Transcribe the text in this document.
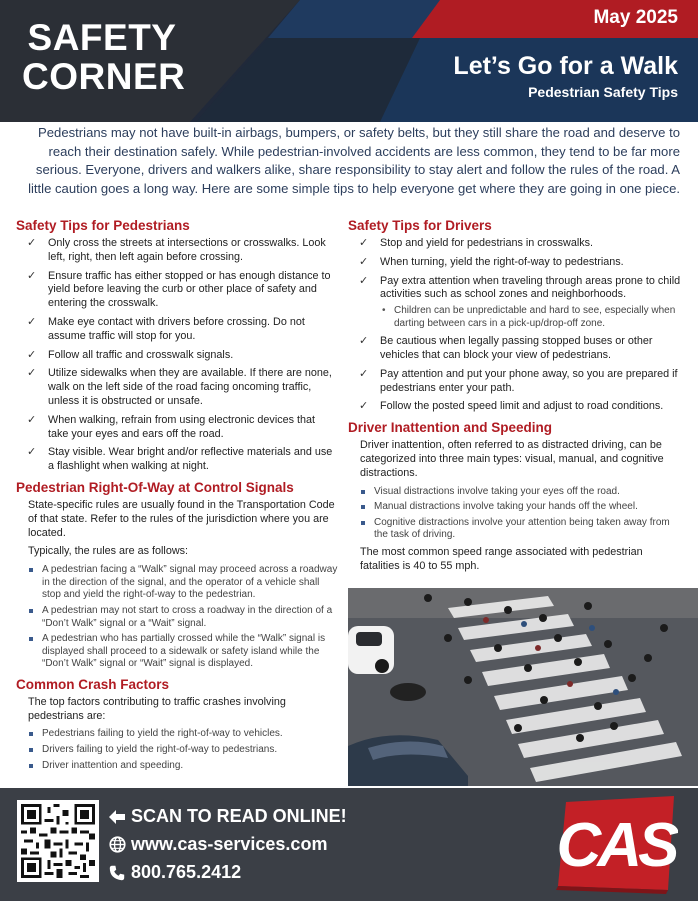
SAFETY
CORNER
May 2025
Let’s Go for a Walk
Pedestrian Safety Tips

Pedestrians may not have built-in airbags, bumpers, or safety belts, but they still share the road and deserve to reach their destination safely. While pedestrian-involved accidents are less common, they tend to be far more serious. Everyone, drivers and walkers alike, share responsibility to stay alert and follow the rules of the road. A little caution goes a long way. Here are some simple tips to help everyone get where they are going in one piece.

Safety Tips for Pedestrians
✓ Only cross the streets at intersections or crosswalks. Look left, right, then left again before crossing.
✓ Ensure traffic has either stopped or has enough distance to yield before leaving the curb or other place of safety and entering the crosswalk.
✓ Make eye contact with drivers before crossing. Do not assume traffic will stop for you.
✓ Follow all traffic and crosswalk signals.
✓ Utilize sidewalks when they are available. If there are none, walk on the left side of the road facing oncoming traffic, unless it is obstructed or unsafe.
✓ When walking, refrain from using electronic devices that take your eyes and ears off the road.
✓ Stay visible. Wear bright and/or reflective materials and use a flashlight when walking at night.
Pedestrian Right-Of-Way at Control Signals

State-specific rules are usually found in the Transportation Code of that state. Refer to the rules of the jurisdiction where you are located.

Typically, the rules are as follows:

A pedestrian facing a “Walk” signal may proceed across a roadway in the direction of the signal, and the operator of a vehicle shall stop and yield the right-of-way to the pedestrian.
A pedestrian may not start to cross a roadway in the direction of a “Don’t Walk” signal or a “Wait” signal.
A pedestrian who has partially crossed while the “Walk” signal is displayed shall proceed to a sidewalk or safety island while the “Don’t Walk” signal or “Wait” signal is displayed.
Common Crash Factors

The top factors contributing to traffic crashes involving pedestrians are:

Pedestrians failing to yield the right-of-way to vehicles.
Drivers failing to yield the right-of-way to pedestrians.
Driver inattention and speeding.
Safety Tips for Drivers
✓ Stop and yield for pedestrians in crosswalks.
✓ When turning, yield the right-of-way to pedestrians.
✓ Pay extra attention when traveling through areas prone to child activities such as school zones and neighborhoods.
• Children can be unpredictable and hard to see, especially when darting between cars in a pick-up/drop-off zone.
✓ Be cautious when legally passing stopped buses or other vehicles that can block your view of pedestrians.
✓ Pay attention and put your phone away, so you are prepared if pedestrians enter your path.
✓ Follow the posted speed limit and adjust to road conditions.
Driver Inattention and Speeding

Driver inattention, often referred to as distracted driving, can be categorized into three main types: visual, manual, and cognitive distractions.

Visual distractions involve taking your eyes off the road.
Manual distractions involve taking your hands off the wheel.
Cognitive distractions involve your attention being taken away from the task of driving.

The most common speed range associated with pedestrian fatalities is 40 to 55 mph.

SCAN TO READ ONLINE!
www.cas-services.com
800.765.2412	CAS
